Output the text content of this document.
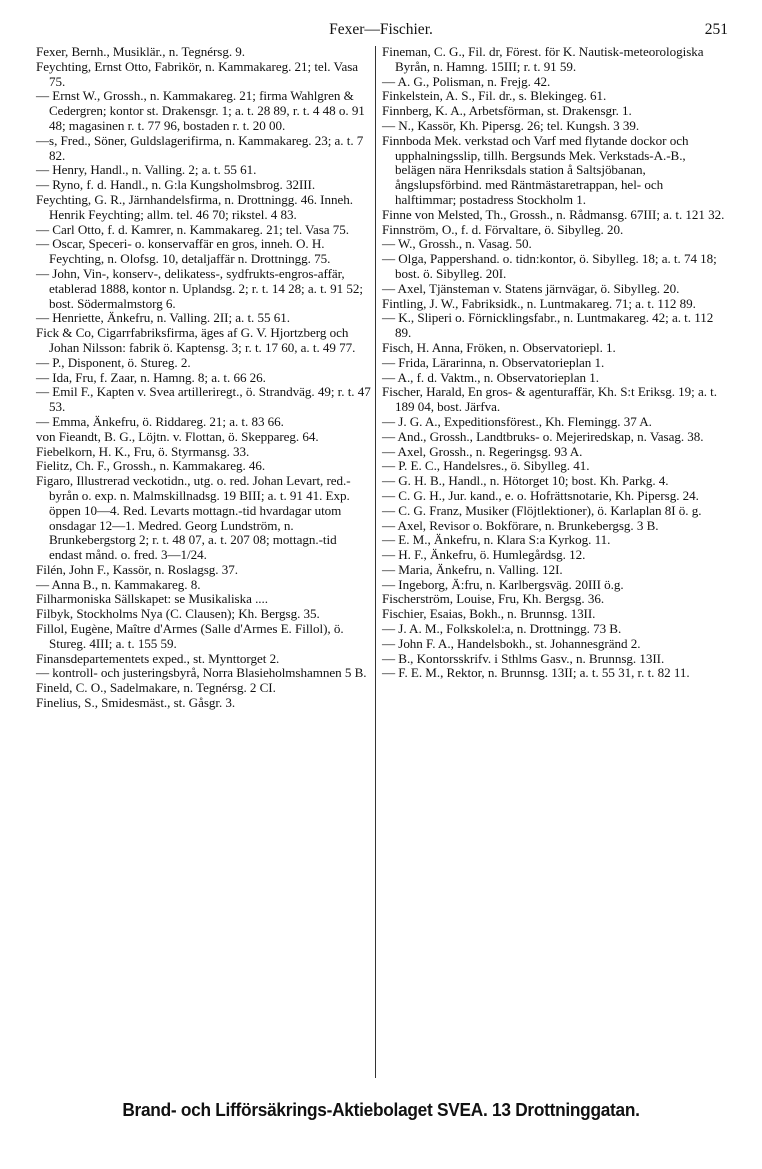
Fexer—Fischier.	251

Fexer, Bernh., Musiklär., n. Tegnérsg. 9.

Feychting, Ernst Otto, Fabrikör, n. Kammakareg. 21; tel. Vasa 75.

— Ernst W., Grossh., n. Kammakareg. 21; firma Wahlgren & Cedergren; kontor st. Drakensgr. 1; a. t. 28 89, r. t. 4 48 o. 91 48; magasinen r. t. 77 96, bostaden r. t. 20 00.

—s, Fred., Söner, Guldslagerifirma, n. Kammakareg. 23; a. t. 7 82.

— Henry, Handl., n. Valling. 2; a. t. 55 61.

— Ryno, f. d. Handl., n. G:la Kungsholmsbrog. 32III.

Feychting, G. R., Järnhandelsfirma, n. Drottningg. 46. Inneh. Henrik Feychting; allm. tel. 46 70; rikstel. 4 83.

— Carl Otto, f. d. Kamrer, n. Kammakareg. 21; tel. Vasa 75.

— Oscar, Speceri- o. konservaffär en gros, inneh. O. H. Feychting, n. Olofsg. 10, detaljaffär n. Drottningg. 75.

— John, Vin-, konserv-, delikatess-, sydfrukts-engros-affär, etablerad 1888, kontor n. Uplandsg. 2; r. t. 14 28; a. t. 91 52; bost. Södermalmstorg 6.

— Henriette, Änkefru, n. Valling. 2II; a. t. 55 61.

Fick & Co, Cigarrfabriksfirma, äges af G. V. Hjortzberg och Johan Nilsson: fabrik ö. Kaptensg. 3; r. t. 17 60, a. t. 49 77.

— P., Disponent, ö. Stureg. 2.

— Ida, Fru, f. Zaar, n. Hamng. 8; a. t. 66 26.

— Emil F., Kapten v. Svea artilleriregt., ö. Strandväg. 49; r. t. 47 53.

— Emma, Änkefru, ö. Riddareg. 21; a. t. 83 66.

von Fieandt, B. G., Löjtn. v. Flottan, ö. Skeppareg. 64.

Fiebelkorn, H. K., Fru, ö. Styrmansg. 33.

Fielitz, Ch. F., Grossh., n. Kammakareg. 46.

Figaro, Illustrerad veckotidn., utg. o. red. Johan Levart, red.-byrån o. exp. n. Malmskillnadsg. 19 BIII; a. t. 91 41. Exp. öppen 10—4. Red. Levarts mottagn.-tid hvardagar utom onsdagar 12—1. Medred. Georg Lundström, n. Brunkebergstorg 2; r. t. 48 07, a. t. 207 08; mottagn.-tid endast månd. o. fred. 3—1/24.

Filén, John F., Kassör, n. Roslagsg. 37.

— Anna B., n. Kammakareg. 8.

Filharmoniska Sällskapet: se Musikaliska ....

Filbyk, Stockholms Nya (C. Clausen); Kh. Bergsg. 35.

Fillol, Eugène, Maître d'Armes (Salle d'Armes E. Fillol), ö. Stureg. 4III; a. t. 155 59.

Finansdepartementets exped., st. Mynttorget 2.

— kontroll- och justeringsbyrå, Norra Blasieholmshamnen 5 B.

Fineld, C. O., Sadelmakare, n. Tegnérsg. 2 CI.

Finelius, S., Smidesmäst., st. Gåsgr. 3.

Fineman, C. G., Fil. dr, Förest. för K. Nautisk-meteorologiska Byrån, n. Hamng. 15III; r. t. 91 59.

— A. G., Polisman, n. Frejg. 42.

Finkelstein, A. S., Fil. dr., s. Blekingeg. 61.

Finnberg, K. A., Arbetsförman, st. Drakensgr. 1.

— N., Kassör, Kh. Pipersg. 26; tel. Kungsh. 3 39.

Finnboda Mek. verkstad och Varf med flytande dockor och upphalningsslip, tillh. Bergsunds Mek. Verkstads-A.-B., belägen nära Henriksdals station å Saltsjöbanan, ångslupsförbind. med Räntmästaretrappan, hel- och halftimmar; postadress Stockholm 1.

Finne von Melsted, Th., Grossh., n. Rådmansg. 67III; a. t. 121 32.

Finnström, O., f. d. Förvaltare, ö. Sibylleg. 20.

— W., Grossh., n. Vasag. 50.

— Olga, Pappershand. o. tidn:kontor, ö. Sibylleg. 18; a. t. 74 18; bost. ö. Sibylleg. 20I.

— Axel, Tjänsteman v. Statens järnvägar, ö. Sibylleg. 20.

Fintling, J. W., Fabriksidk., n. Luntmakareg. 71; a. t. 112 89.

— K., Sliperi o. Förnicklingsfabr., n. Luntmakareg. 42; a. t. 112 89.

Fisch, H. Anna, Fröken, n. Observatoriepl. 1.

— Frida, Lärarinna, n. Observatorieplan 1.

— A., f. d. Vaktm., n. Observatorieplan 1.

Fischer, Harald, En gros- & agenturaffär, Kh. S:t Eriksg. 19; a. t. 189 04, bost. Järfva.

— J. G. A., Expeditionsförest., Kh. Flemingg. 37 A.

— And., Grossh., Landtbruks- o. Mejeriredskap, n. Vasag. 38.

— Axel, Grossh., n. Regeringsg. 93 A.

— P. E. C., Handelsres., ö. Sibylleg. 41.

— G. H. B., Handl., n. Hötorget 10; bost. Kh. Parkg. 4.

— C. G. H., Jur. kand., e. o. Hofrättsnotarie, Kh. Pipersg. 24.

— C. G. Franz, Musiker (Flöjtlektioner), ö. Karlaplan 8I ö. g.

— Axel, Revisor o. Bokförare, n. Brunkebergsg. 3 B.

— E. M., Änkefru, n. Klara S:a Kyrkog. 11.

— H. F., Änkefru, ö. Humlegårdsg. 12.

— Maria, Änkefru, n. Valling. 12I.

— Ingeborg, Ä:fru, n. Karlbergsväg. 20III ö.g.

Fischerström, Louise, Fru, Kh. Bergsg. 36.

Fischier, Esaias, Bokh., n. Brunnsg. 13II.

— J. A. M., Folkskolel:a, n. Drottningg. 73 B.

— John F. A., Handelsbokh., st. Johannesgränd 2.

— B., Kontorsskrifv. i Sthlms Gasv., n. Brunnsg. 13II.

— F. E. M., Rektor, n. Brunnsg. 13II; a. t. 55 31, r. t. 82 11.

Brand- och Lifförsäkrings-Aktiebolaget SVEA. 13 Drottninggatan.
